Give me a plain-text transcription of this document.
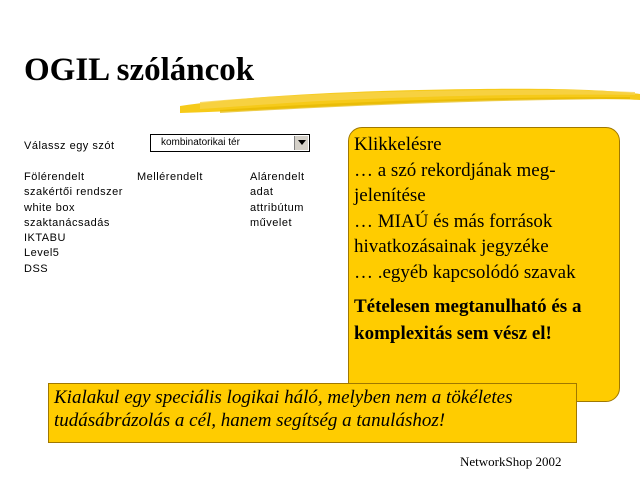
OGIL szóláncok
Válassz egy szót	kombinatorikai tér
Fölérendelt
szakértői rendszer
white box
szaktanácsadás
IKTABU
Level5
DSS
Mellérendelt	Alárendelt
adat
attribútum
művelet
Klikkelésre
… a szó rekordjának meg-
jelenítése
… MIAÚ és más források
hivatkozásainak jegyzéke
… .egyéb kapcsolódó szavak
Tételesen megtanulható és a
komplexitás sem vész el!
Kialakul egy speciális logikai háló, melyben nem a tökéletes
tudásábrázolás a cél, hanem segítség a tanuláshoz!
NetworkShop 2002
